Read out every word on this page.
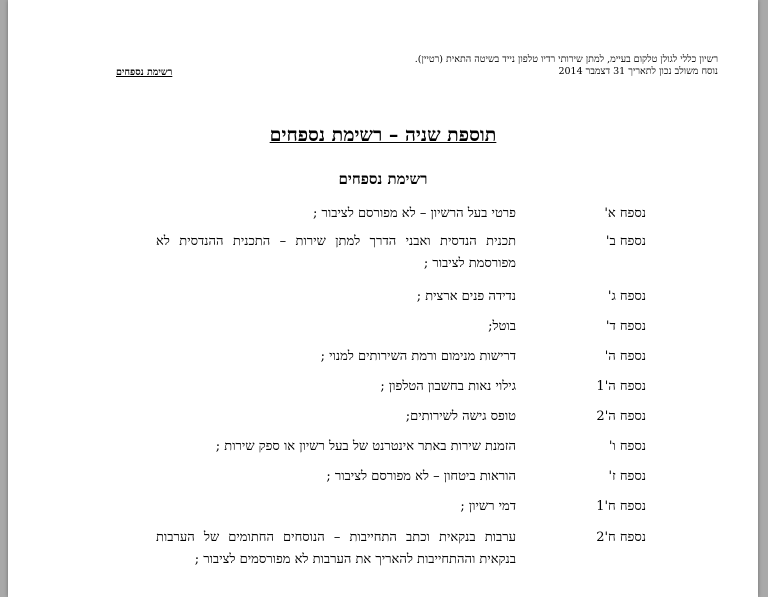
רשיון כללי לגולן טלקום בעיימ, למתן שירותי רדיו טלפון נייד בשיטה התאית (רטיין).
נוסח משולב נכון לתאריך 31 דצמבר 2014
רשימת נספחים
תוספת שניה – רשימת נספחים
רשימת נספחים
נספח א'
פרטי בעל הרשיון – לא מפורסם לציבור ;
נספח ב'
תכנית הנדסית ואבני הדרך למתן שירות – התכנית ההנדסית לא מפורסמת לציבור ;
נספח ג'
נדידה פנים ארצית ;
נספח ד'
בוטל;
נספח ה'
דרישות מנימום ורמת השירותים למנוי ;
נספח ה'1
גילוי נאות בחשבון הטלפון ;
נספח ה'2
טופס גישה לשירותים;
נספח ו'
הזמנת שירות באתר אינטרנט של בעל רשיון או ספק שירות ;
נספח ז'
הוראות ביטחון – לא מפורסם לציבור ;
נספח ח'1
דמי רשיון ;
נספח ח'2
ערבות בנקאית וכתב התחייבות – הנוסחים החתומים של הערבות בנקאית וההתחייבות להאריך את הערבות לא מפורסמים לציבור ;
